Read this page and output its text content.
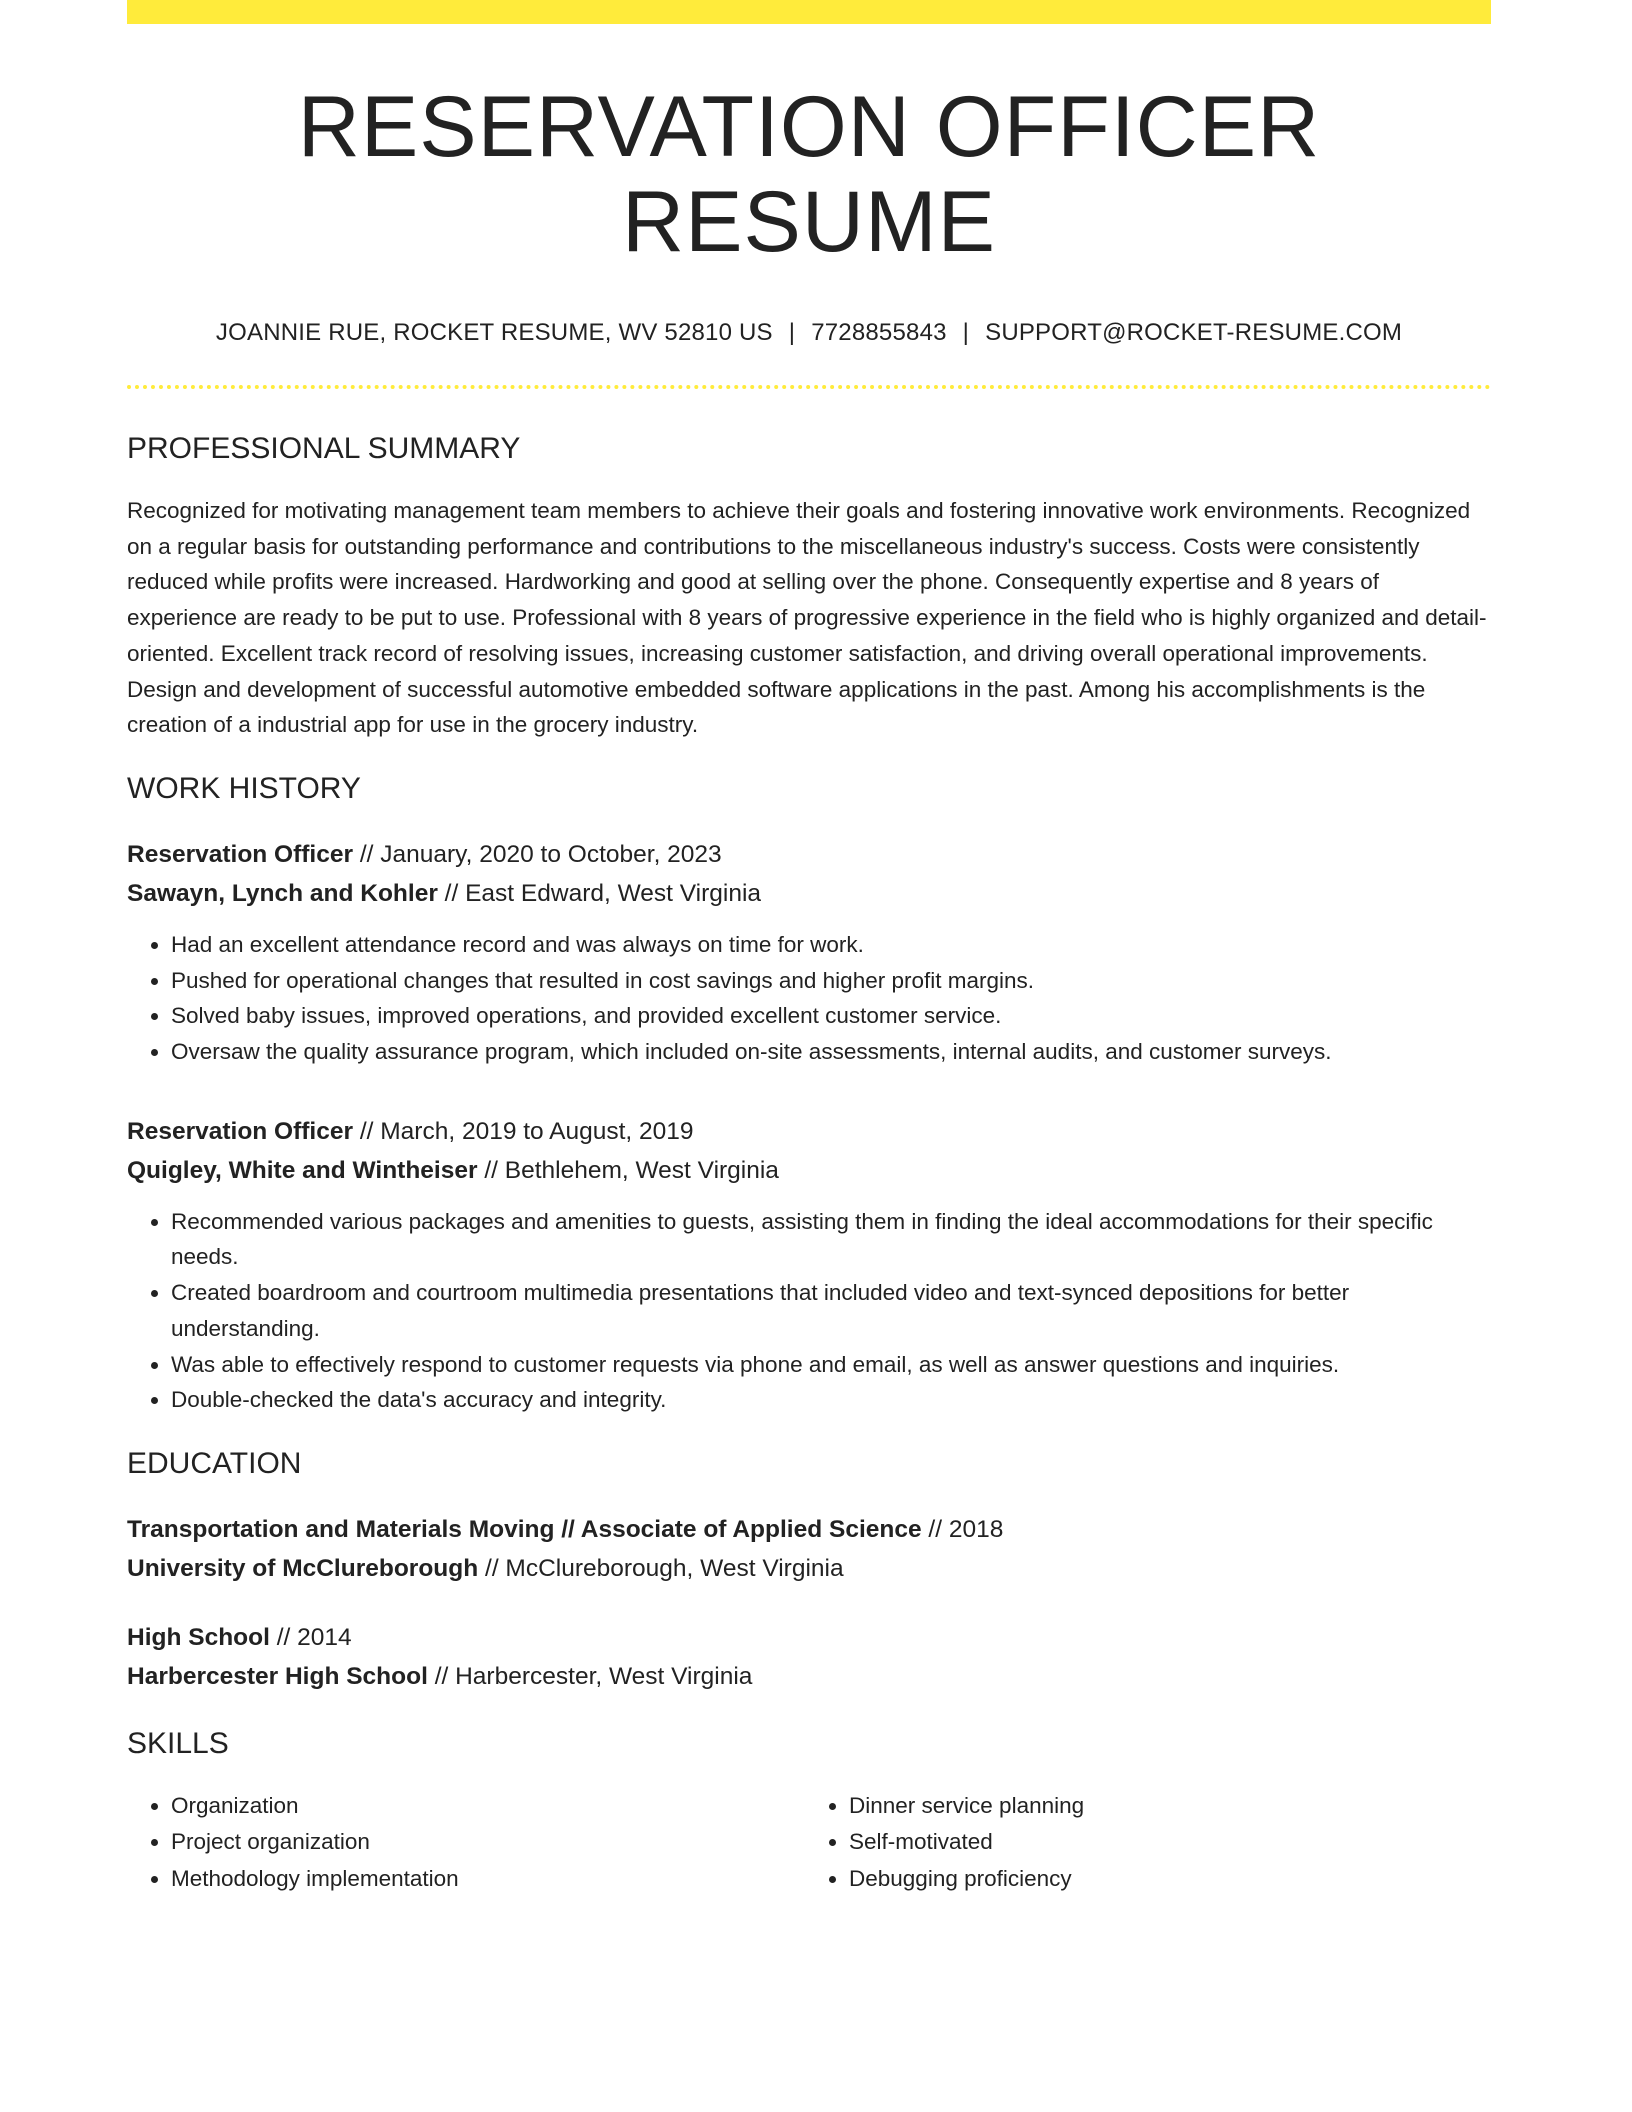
RESERVATION OFFICER RESUME
JOANNIE RUE, ROCKET RESUME, WV 52810 US | 7728855843 | SUPPORT@ROCKET-RESUME.COM
PROFESSIONAL SUMMARY

Recognized for motivating management team members to achieve their goals and fostering innovative work environments. Recognized on a regular basis for outstanding performance and contributions to the miscellaneous industry's success. Costs were consistently reduced while profits were increased. Hardworking and good at selling over the phone. Consequently expertise and 8 years of experience are ready to be put to use. Professional with 8 years of progressive experience in the field who is highly organized and detail-oriented. Excellent track record of resolving issues, increasing customer satisfaction, and driving overall operational improvements. Design and development of successful automotive embedded software applications in the past. Among his accomplishments is the creation of a industrial app for use in the grocery industry.

WORK HISTORY
Reservation Officer // January, 2020 to October, 2023
Sawayn, Lynch and Kohler // East Edward, West Virginia
• Had an excellent attendance record and was always on time for work.
• Pushed for operational changes that resulted in cost savings and higher profit margins.
• Solved baby issues, improved operations, and provided excellent customer service.
• Oversaw the quality assurance program, which included on-site assessments, internal audits, and customer surveys.
Reservation Officer // March, 2019 to August, 2019
Quigley, White and Wintheiser // Bethlehem, West Virginia
• Recommended various packages and amenities to guests, assisting them in finding the ideal accommodations for their specific needs.
• Created boardroom and courtroom multimedia presentations that included video and text-synced depositions for better understanding.
• Was able to effectively respond to customer requests via phone and email, as well as answer questions and inquiries.
• Double-checked the data's accuracy and integrity.
EDUCATION
Transportation and Materials Moving // Associate of Applied Science // 2018
University of McClureborough // McClureborough, West Virginia
High School // 2014
Harbercester High School // Harbercester, West Virginia
SKILLS
• Organization
• Project organization
• Methodology implementation
• Dinner service planning
• Self-motivated
• Debugging proficiency
